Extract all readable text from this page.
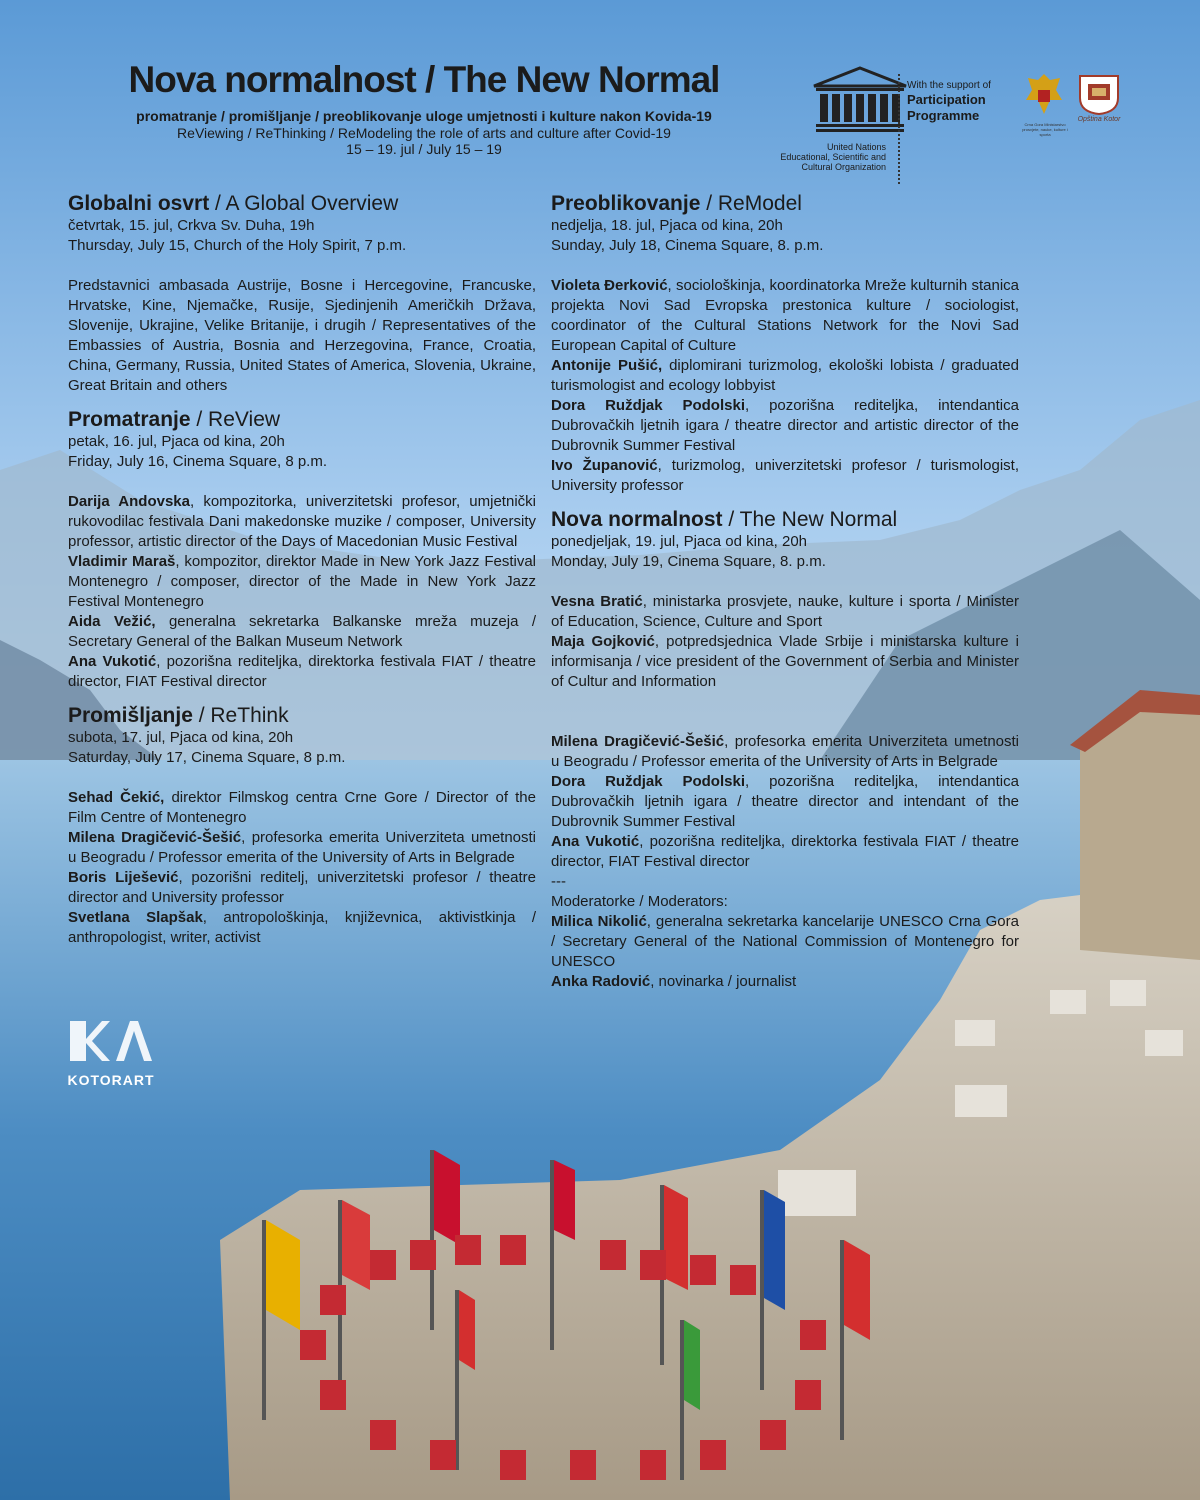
Nova normalnost / The New Normal
promatranje / promišljanje / preoblikovanje uloge umjetnosti i kulture nakon Kovida-19
ReViewing / ReThinking / ReModeling the role of arts and culture after Covid-19
15 – 19. jul / July 15 – 19	United Nations
Educational, Scientific and
Cultural Organization
With the support of
Participation
Programme
Crna Gora Ministarstvo prosvjete, nauke, kulture i sporta
Opština Kotor
Globalni osvrt / A Global Overview
četvrtak, 15. jul, Crkva Sv. Duha, 19h
Thursday, July 15, Church of the Holy Spirit, 7 p.m.
Predstavnici ambasada Austrije, Bosne i Hercegovine, Francuske, Hrvatske, Kine, Njemačke, Rusije, Sjedinjenih Američkih Država, Slovenije, Ukrajine, Velike Britanije, i drugih / Representatives of the Embassies of Austria, Bosnia and Herzegovina, France, Croatia, China, Germany, Russia, United States of America, Slovenia, Ukraine, Great Britain and others
Promatranje / ReView
petak, 16. jul, Pjaca od kina, 20h
Friday, July 16, Cinema Square, 8 p.m.
Darija Andovska, kompozitorka, univerzitetski profesor, umjetnički rukovodilac festivala Dani makedonske muzike / composer, University professor, artistic director of the Days of Macedonian Music Festival
Vladimir Maraš, kompozitor, direktor Made in New York Jazz Festival Montenegro / composer, director of the Made in New York Jazz Festival Montenegro
Aida Vežić, generalna sekretarka Balkanske mreža muzeja / Secretary General of the Balkan Museum Network
Ana Vukotić, pozorišna rediteljka, direktorka festivala FIAT / theatre director, FIAT Festival director
Promišljanje / ReThink
subota, 17. jul, Pjaca od kina, 20h
Saturday, July 17, Cinema Square, 8 p.m.
Sehad Čekić, direktor Filmskog centra Crne Gore / Director of the Film Centre of Montenegro
Milena Dragičević-Šešić, profesorka emerita Univerziteta umetnosti u Beogradu / Professor emerita of the University of Arts in Belgrade
Boris Liješević, pozorišni reditelj, univerzitetski profesor / theatre director and University professor
Svetlana Slapšak, antropološkinja, književnica, aktivistkinja / anthropologist, writer, activist
Preoblikovanje / ReModel
nedjelja, 18. jul, Pjaca od kina, 20h
Sunday, July 18, Cinema Square, 8. p.m.
Violeta Đerković, sociološkinja, koordinatorka Mreže kulturnih stanica projekta Novi Sad Evropska prestonica kulture / sociologist, coordinator of the Cultural Stations Network for the Novi Sad European Capital of Culture
Antonije Pušić, diplomirani turizmolog, ekološki lobista / graduated turismologist and ecology lobbyist
Dora Ruždjak Podolski, pozorišna rediteljka, intendantica Dubrovačkih ljetnih igara / theatre director and artistic director of the Dubrovnik Summer Festival
Ivo Županović, turizmolog, univerzitetski profesor / turismologist, University professor
Nova normalnost / The New Normal
ponedjeljak, 19. jul, Pjaca od kina, 20h
Monday, July 19, Cinema Square, 8. p.m.
Vesna Bratić, ministarka prosvjete, nauke, kulture i sporta / Minister of Education, Science, Culture and Sport
Maja Gojković, potpredsjednica Vlade Srbije i ministarska kulture i informisanja / vice president of the Government of Serbia and Minister of Cultur and Information
Milena Dragičević-Šešić, profesorka emerita Univerziteta umetnosti u Beogradu / Professor emerita of the University of Arts in Belgrade
Dora Ruždjak Podolski, pozorišna rediteljka, intendantica Dubrovačkih ljetnih igara / theatre director and intendant of the Dubrovnik Summer Festival
Ana Vukotić, pozorišna rediteljka, direktorka festivala FIAT / theatre director, FIAT Festival director
---
Moderatorke / Moderators:
Milica Nikolić, generalna sekretarka kancelarije UNESCO Crna Gora / Secretary General of the National Commission of Montenegro for UNESCO
Anka Radović, novinarka / journalist
KOTORART
